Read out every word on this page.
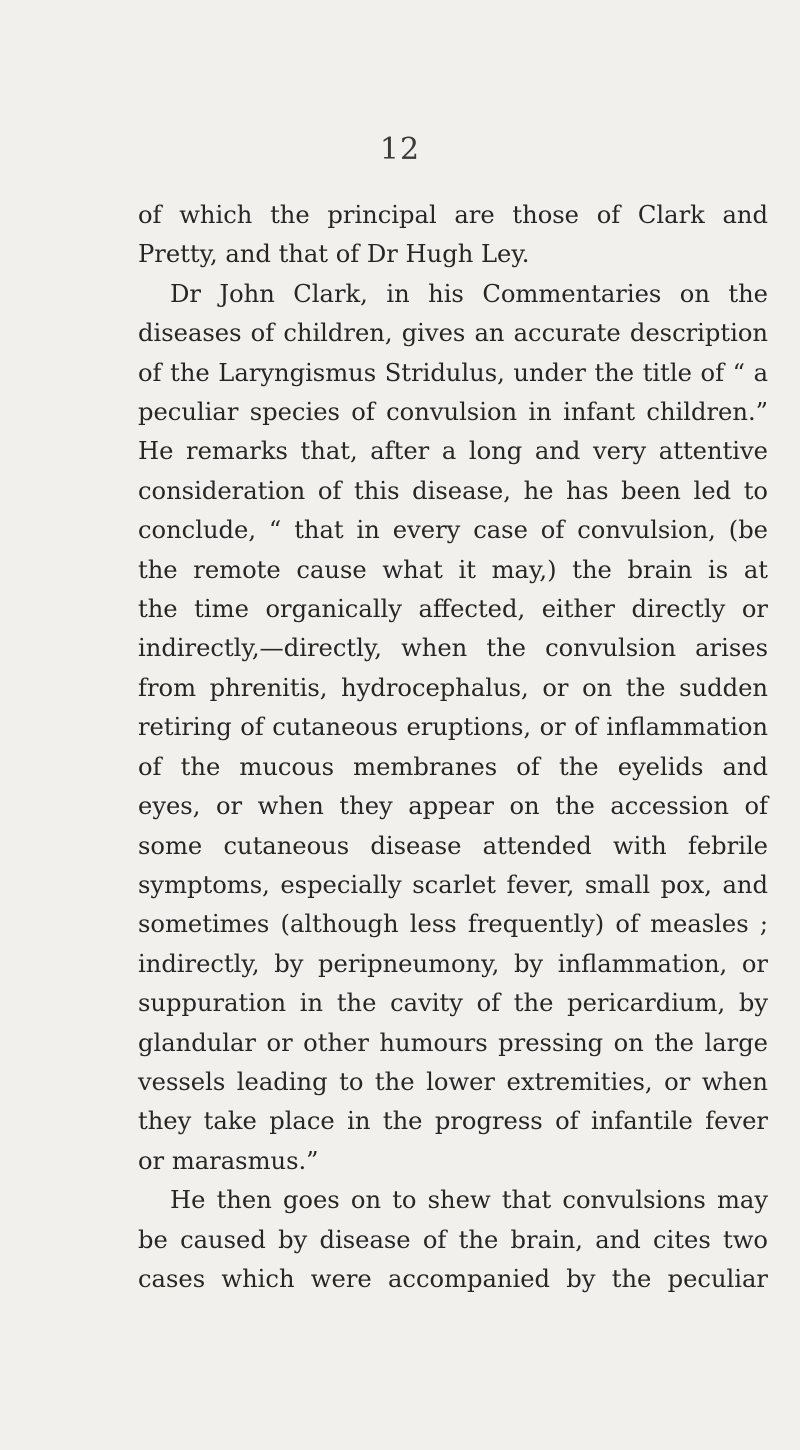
12
of which the principal are those of Clark and
Pretty, and that of Dr Hugh Ley.
Dr John Clark, in his Commentaries on the
diseases of children, gives an accurate description
of the Laryngismus Stridulus, under the title of “ a
peculiar species of convulsion in infant children.”
He remarks that, after a long and very attentive
consideration of this disease, he has been led to
conclude, “ that in every case of convulsion, (be
the remote cause what it may,) the brain is at
the time organically affected, either directly or
indirectly,—directly, when the convulsion arises
from phrenitis, hydrocephalus, or on the sudden
retiring of cutaneous eruptions, or of inflammation
of the mucous membranes of the eyelids and
eyes, or when they appear on the accession of
some cutaneous disease attended with febrile
symptoms, especially scarlet fever, small pox, and
sometimes (although less frequently) of measles ;
indirectly, by peripneumony, by inflammation, or
suppuration in the cavity of the pericardium, by
glandular or other humours pressing on the large
vessels leading to the lower extremities, or when
they take place in the progress of infantile fever
or marasmus.”
He then goes on to shew that convulsions may
be caused by disease of the brain, and cites two
cases which were accompanied by the peculiar
